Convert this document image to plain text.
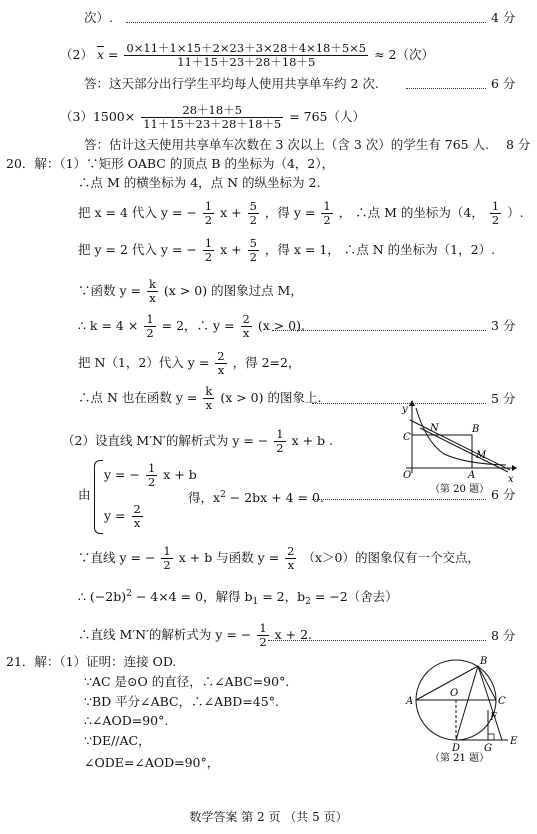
次）.	4 分
（2） $\overline{x} = \frac{0\times 11+1\times 15+2\times 23+3\times 28+4\times 18+5\times 5}{11+15+23+28+18+5} \approx 2$（次）
答：这天部分出行学生平均每人使用共享单车约 2 次.	6 分
$(3)1500\times \frac{28+18+5}{11+15+23+28+18+5} = 765$（人）
答：估计这天使用共享单车次数在 3 次以上（含 3 次）的学生有 765 人. 8 分
20．解：（1）∵矩形 OABC 的顶点 B 的坐标为（4，2），
∴点 M 的横坐标为 4，点 N 的纵坐标为 2.
把 x = 4 代入 y = − $\frac{1}{2}$ $x + \frac{5}{2}$ ，得 $y = \frac{1}{2}$ ， ∴点 M 的坐标为（4， $\frac{1}{2}$ ）.
把 y = 2 代入 y = − $\frac{1}{2}$ $x + \frac{5}{2}$ ，得 x = 1， ∴点 N 的坐标为（1，2）.
∵函数 $y = \frac{k}{x} (x > 0)$ 的图象过点 M，
∴ $k = 4 \times \frac{1}{2} = 2$，∴ $y = \frac{2}{x} (x > 0)$.	3 分
把 N（1，2）代入 $y = \frac{2}{x}$ ，得 2=2，
∴点 N 也在函数 $y = \frac{k}{x} (x > 0)$ 的图象上.	5 分
（2）设直线 M′N′的解析式为 y = − $\frac{1}{2}$ x + b .
由
y = − $\frac{1}{2}$ x + b
$y = \frac{2}{x}$
得，$x^2 - 2bx + 4 = 0$.	6 分
∵直线 y = − $\frac{1}{2}$ x + b 与函数 $y = \frac{2}{x} (x>0)$的图象仅有一个交点，
∴ $(-2b)^2 - 4\times 4 = 0$，解得 $b_1 = 2$，$b_2 = -2$（舍去）
∴直线 M′N′的解析式为 y = − $\frac{1}{2}$ x + 2.	8 分
y
x
O	A
B
C
N
M
（第 20 题）
21．解：（1）证明：连接 OD.
∵AC 是⊙O 的直径，∴∠ABC=90°.
∵BD 平分∠ABC，∴∠ABD=45°.
∴∠AOD=90°.
∵DE//AC，
∠ODE=∠AOD=90°，
A
B
C
O
D G
E
F
（第 21 题）
数学答案 第 2 页 （共 5 页）
